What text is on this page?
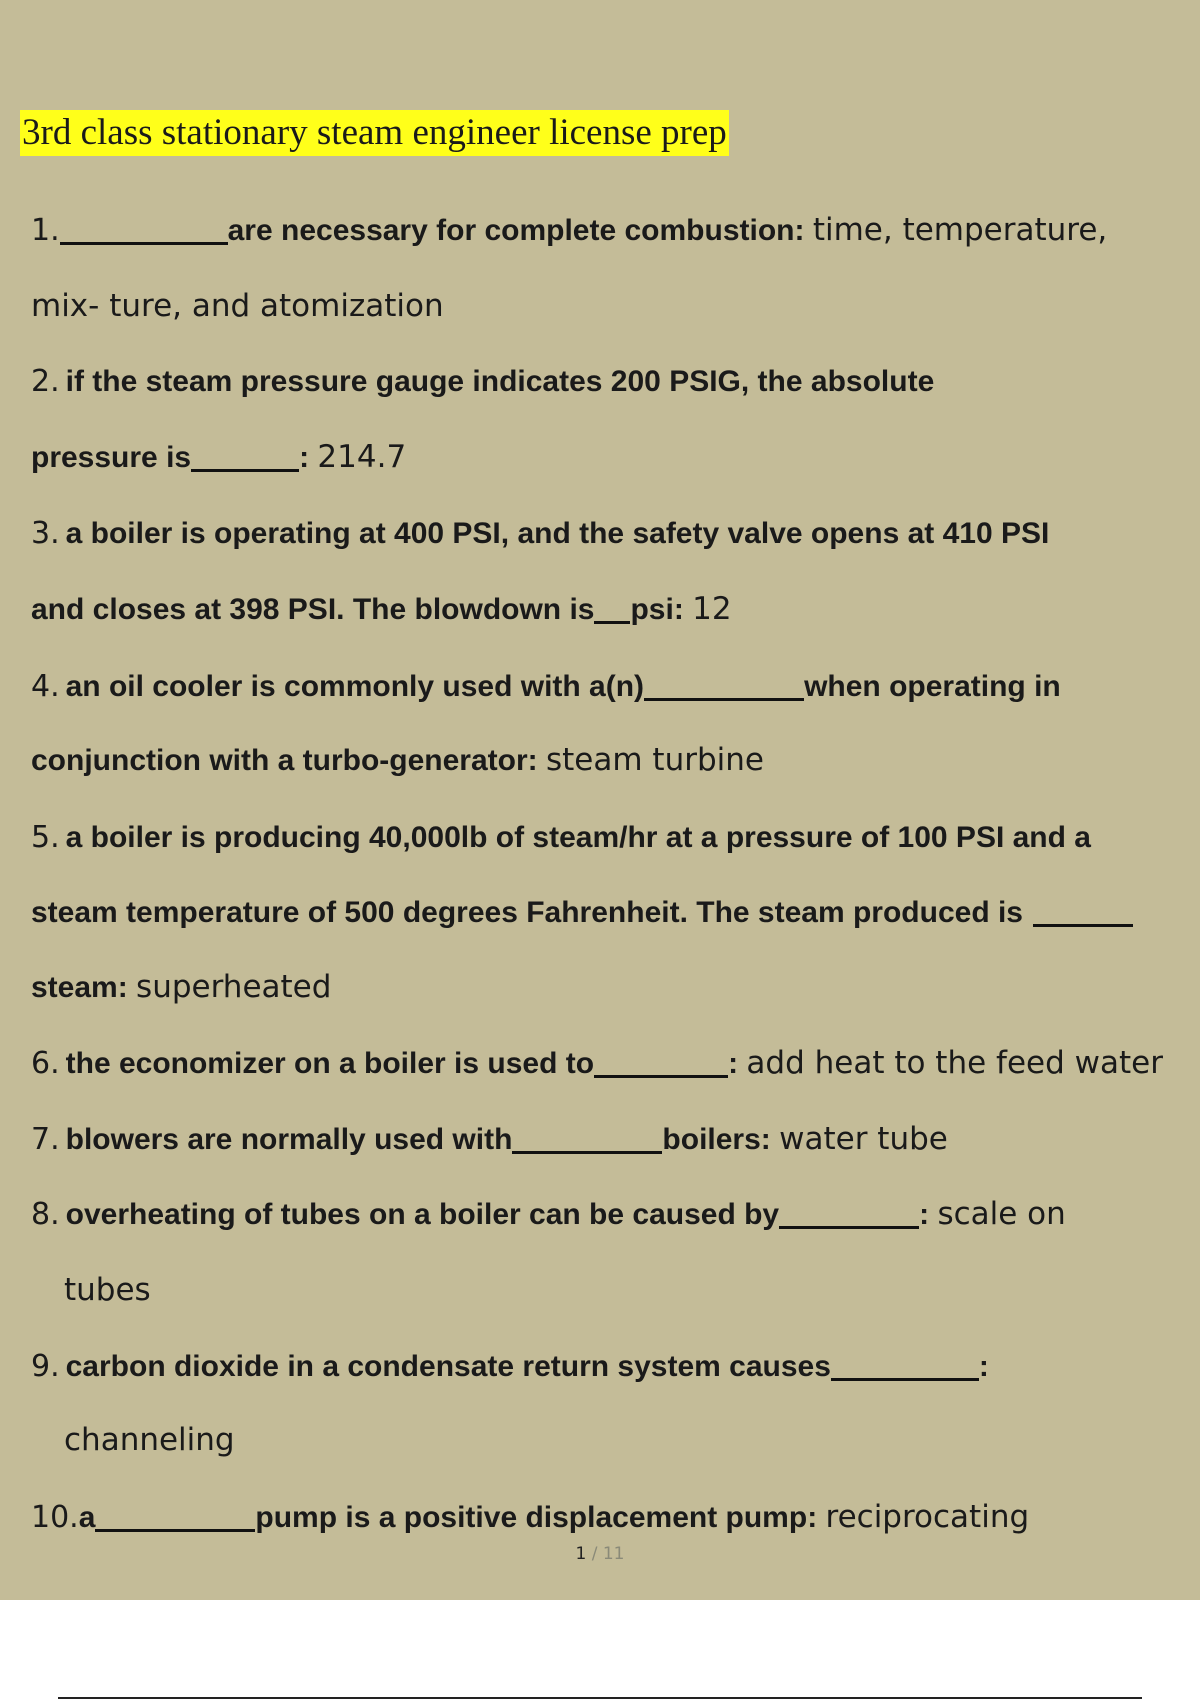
3rd class stationary steam engineer license prep
1.	are necessary for complete combustion: time, temperature,
mix- ture, and atomization
2. if the steam pressure gauge indicates 200 PSIG, the absolute
pressure is	: 214.7
3. a boiler is operating at 400 PSI, and the safety valve opens at 410 PSI
and closes at 398 PSI. The blowdown is psi: 12
4. an oil cooler is commonly used with a(n)	when operating in
conjunction with a turbo-generator: steam turbine
5. a boiler is producing 40,000lb of steam/hr at a pressure of 100 PSI and a
steam temperature of 500 degrees Fahrenheit. The steam produced is
steam: superheated
6. the economizer on a boiler is used to	: add heat to the feed water
7. blowers are normally used with	boilers: water tube
8. overheating of tubes on a boiler can be caused by	: scale on
tubes
9. carbon dioxide in a condensate return system causes	:
channeling
10.a	pump is a positive displacement pump: reciprocating
1 / 11
